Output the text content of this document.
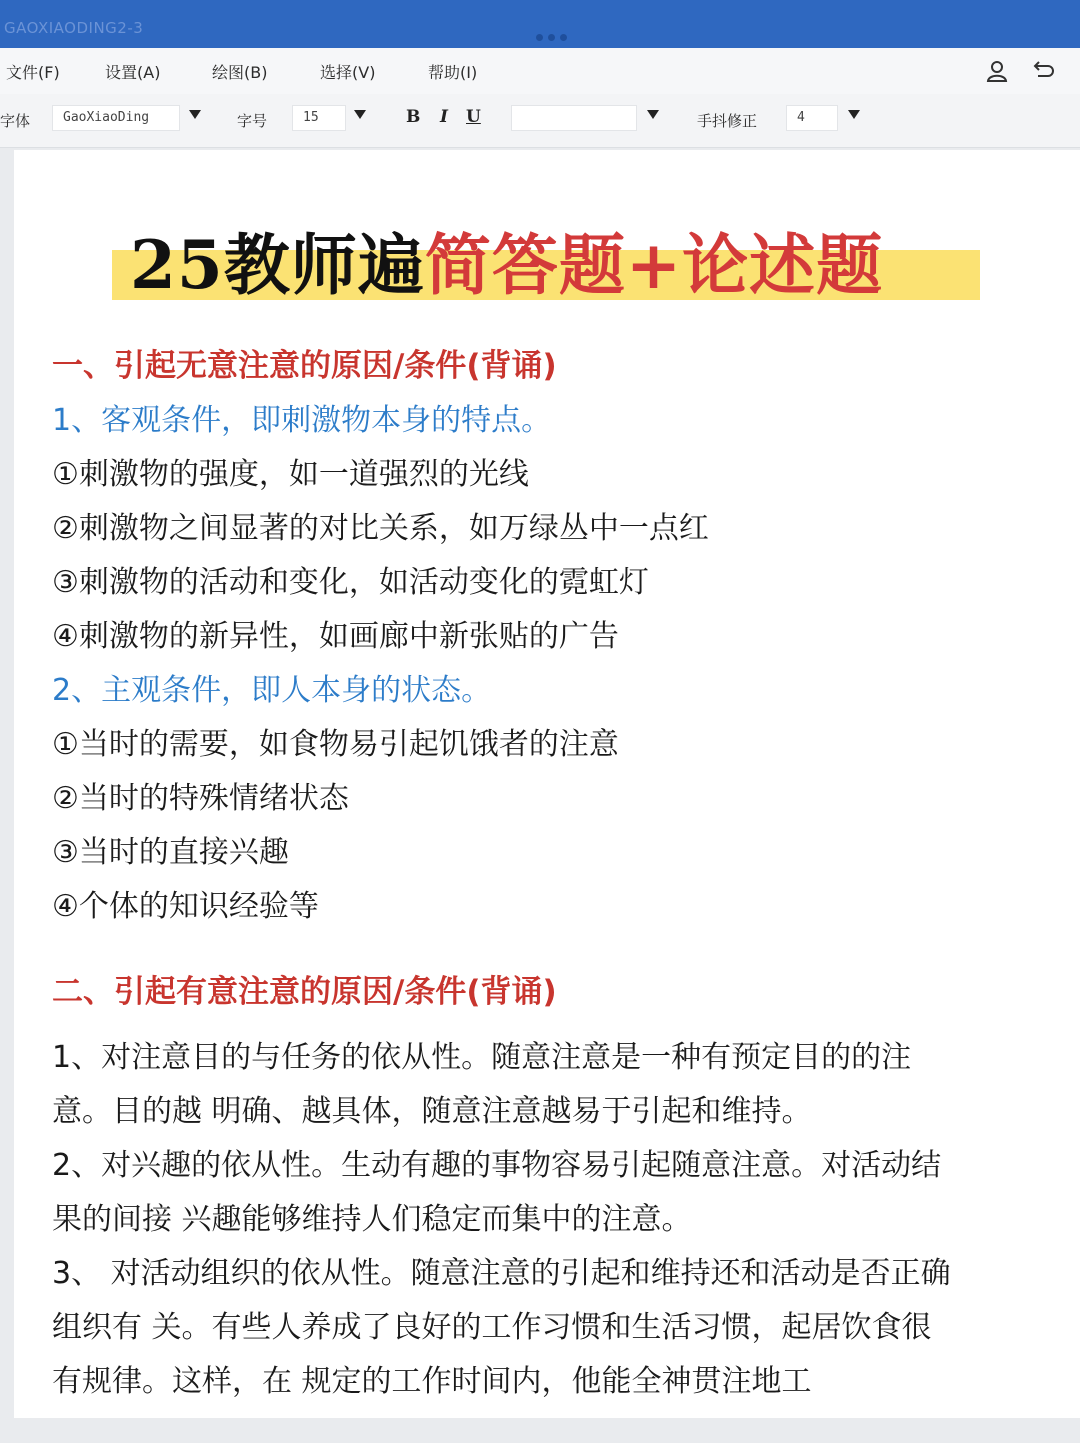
GAOXIAODING2-3
文件(F)	设置(A)	绘图(B)	选择(V)	帮助(I)
字体	GaoXiaoDing	字号	15	B I U	手抖修正	4
25教师遍简答题+论述题
一、引起无意注意的原因/条件(背诵)
1、客观条件，即刺激物本身的特点。
①刺激物的强度，如一道强烈的光线
②刺激物之间显著的对比关系，如万绿丛中一点红
③刺激物的活动和变化，如活动变化的霓虹灯
④刺激物的新异性，如画廊中新张贴的广告
2、主观条件，即人本身的状态。
①当时的需要，如食物易引起饥饿者的注意
②当时的特殊情绪状态
③当时的直接兴趣
④个体的知识经验等
二、引起有意注意的原因/条件(背诵)
1、对注意目的与任务的依从性。随意注意是一种有预定目的的注
意。目的越 明确、越具体，随意注意越易于引起和维持。
2、对兴趣的依从性。生动有趣的事物容易引起随意注意。对活动结
果的间接 兴趣能够维持人们稳定而集中的注意。
3、 对活动组织的依从性。随意注意的引起和维持还和活动是否正确
组织有 关。有些人养成了良好的工作习惯和生活习惯，起居饮食很
有规律。这样，在 规定的工作时间内，他能全神贯注地工
